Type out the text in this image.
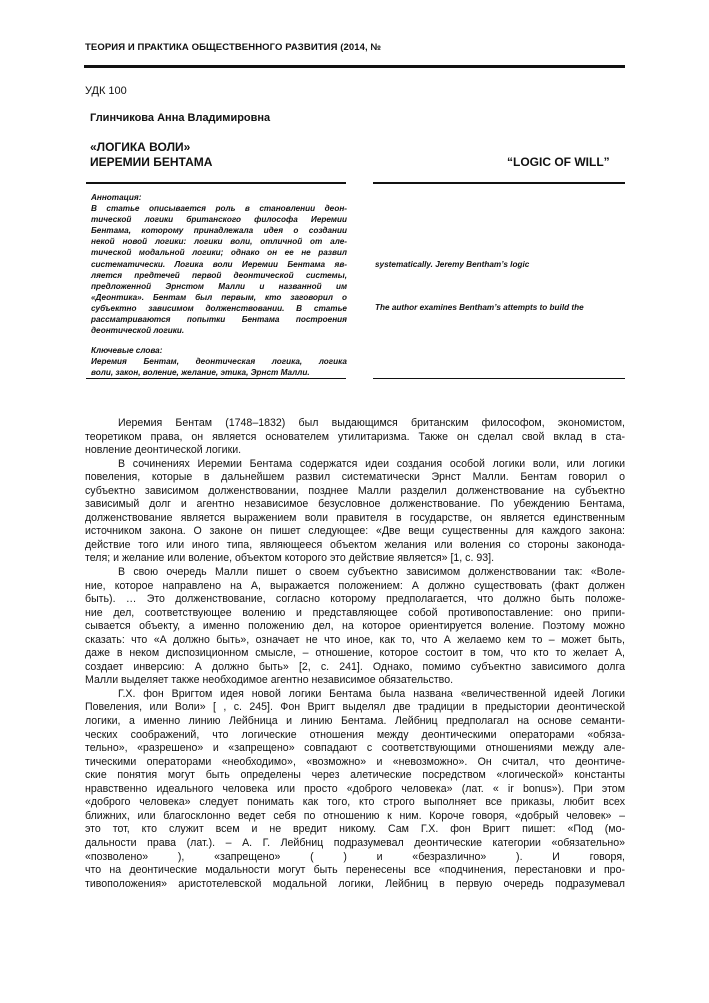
ТЕОРИЯ И ПРАКТИКА ОБЩЕСТВЕННОГО РАЗВИТИЯ (2014, №
УДК 100
Глинчикова Анна Владимировна
«ЛОГИКА ВОЛИ»
ИЕРЕМИИ БЕНТАМА	“LOGIC OF WILL”
Аннотация:
В статье описывается роль в становлении деон-
тической логики британского философа Иеремии
Бентама, которому принадлежала идея о создании
некой новой логики: логики воли, отличной от але-
тической модальной логики; однако он ее не развил
систематически. Логика воли Иеремии Бентама яв-
ляется предтечей первой деонтической системы,
предложенной Эрнстом Малли и названной им
«Деонтика». Бентам был первым, кто заговорил о
субъектно зависимом долженствовании. В статье
рассматриваются попытки Бентама построения
деонтической логики.
Ключевые слова:
Иеремия Бентам, деонтическая логика, логика
воли, закон, воление, желание, этика, Эрнст Малли.
systematically. Jeremy Bentham’s logic
The author examines Bentham’s attempts to build the
Иеремия Бентам (1748–1832) был выдающимся британским философом, экономистом,
теоретиком права, он является основателем утилитаризма. Также он сделал свой вклад в ста-
новление деонтической логики.
В сочинениях Иеремии Бентама содержатся идеи создания особой логики воли, или логики
повеления, которые в дальнейшем развил систематически Эрнст Малли. Бентам говорил о
субъектно зависимом долженствовании, позднее Малли разделил долженствование на субъектно
зависимый долг и агентно независимое безусловное долженствование. По убеждению Бентама,
долженствование является выражением воли правителя в государстве, он является единственным
источником закона. О законе он пишет следующее: «Две вещи существенны для каждого закона:
действие того или иного типа, являющееся объектом желания или воления со стороны законода-
теля; и желание или воление, объектом которого это действие является» [1, с. 93].
В свою очередь Малли пишет о своем субъектно зависимом долженствовании так: «Воле-
ние, которое направлено на А, выражается положением: А должно существовать (факт должен
быть). … Это долженствование, согласно которому предполагается, что должно быть положе-
ние дел, соответствующее волению и представляющее собой противопоставление: оно припи-
сывается объекту, а именно положению дел, на которое ориентируется воление. Поэтому можно
сказать: что «А должно быть», означает не что иное, как то, что А желаемо кем то – может быть,
даже в неком диспозиционном смысле, – отношение, которое состоит в том, что кто то желает А,
создает инверсию: А должно быть» [2, с. 241]. Однако, помимо субъектно зависимого долга
Малли выделяет также необходимое агентно независимое обязательство.
Г.Х. фон Вригтом идея новой логики Бентама была названа «величественной идеей Логики
Повеления, или Воли» [ , с. 245]. Фон Вригт выделял две традиции в предыстории деонтической
логики, а именно линию Лейбница и линию Бентама. Лейбниц предполагал на основе семанти-
ческих соображений, что логические отношения между деонтическими операторами «обяза-
тельно», «разрешено» и «запрещено» совпадают с соответствующими отношениями между але-
тическими операторами «необходимо», «возможно» и «невозможно». Он считал, что деонтиче-
ские понятия могут быть определены через алетические посредством «логической» константы
нравственно идеального человека или просто «доброго человека» (лат. « ir bonus»). При этом
«доброго человека» следует понимать как того, кто строго выполняет все приказы, любит всех
ближних, или благосклонно ведет себя по отношению к ним. Короче говоря, «добрый человек» –
это тот, кто служит всем и не вредит никому. Сам Г.Х. фон Вригт пишет: «Под (мо-
дальности права (лат.). – А. Г. Лейбниц подразумевал деонтические категории «обязательно»
«позволено» ), «запрещено» ( ) и «безразлично» ). И говоря,
что на деонтические модальности могут быть перенесены все «подчинения, перестановки и про-
тивоположения» аристотелевской модальной логики, Лейбниц в первую очередь подразумевал
